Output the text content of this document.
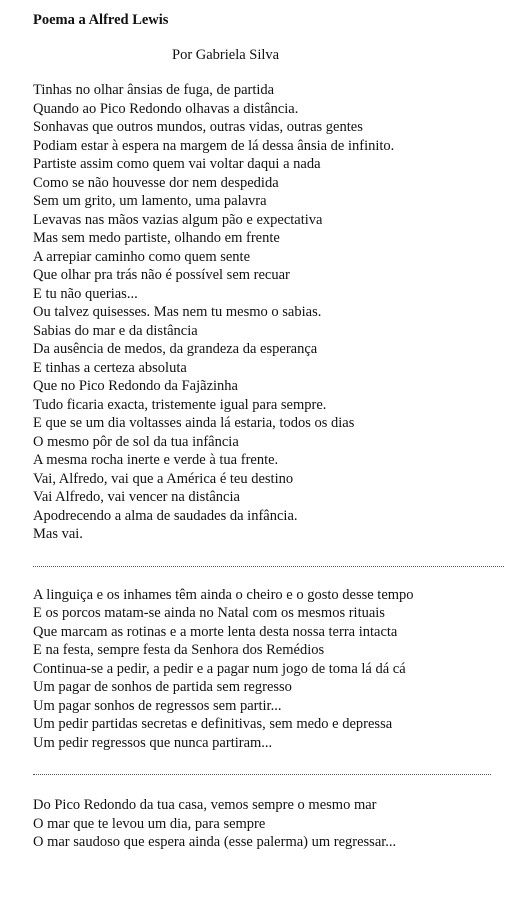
Poema a Alfred Lewis
Por Gabriela Silva
Tinhas no olhar ânsias de fuga, de partida
Quando ao Pico Redondo olhavas a distância.
Sonhavas que outros mundos, outras vidas, outras gentes
Podiam estar à espera na margem de lá dessa ânsia de infinito.
Partiste assim como quem vai voltar daqui a nada
Como se não houvesse dor nem despedida
Sem um grito, um lamento, uma palavra
Levavas nas mãos vazias algum pão e expectativa
Mas sem medo partiste, olhando em frente
A arrepiar caminho como quem sente
Que olhar pra trás não é possível sem recuar
E tu não querias...
Ou talvez quisesses. Mas nem tu mesmo o sabias.
Sabias do mar e da distância
Da ausência de medos, da grandeza da esperança
E tinhas a certeza absoluta
Que no Pico Redondo da Fajãzinha
Tudo ficaria exacta, tristemente igual para sempre.
E que se um dia voltasses ainda lá estaria, todos os dias
O mesmo pôr de sol da tua infância
A mesma rocha inerte e verde à tua frente.
Vai, Alfredo, vai que a América é teu destino
Vai Alfredo, vai vencer na distância
Apodrecendo a alma de saudades da infância.
Mas vai.
A linguiça e os inhames têm ainda o cheiro e o gosto desse tempo
E os porcos matam-se ainda no Natal com os mesmos rituais
Que marcam as rotinas e a morte lenta desta nossa terra intacta
E na festa, sempre festa da Senhora dos Remédios
Continua-se a pedir, a pedir e a pagar num jogo de toma lá dá cá
Um pagar de sonhos de partida sem regresso
Um pagar sonhos de regressos sem partir...
Um pedir partidas secretas e definitivas, sem medo e depressa
Um pedir regressos que nunca partiram...
Do Pico Redondo da tua casa, vemos sempre o mesmo mar
O mar que te levou um dia, para sempre
O mar saudoso que espera ainda (esse palerma) um regressar...
